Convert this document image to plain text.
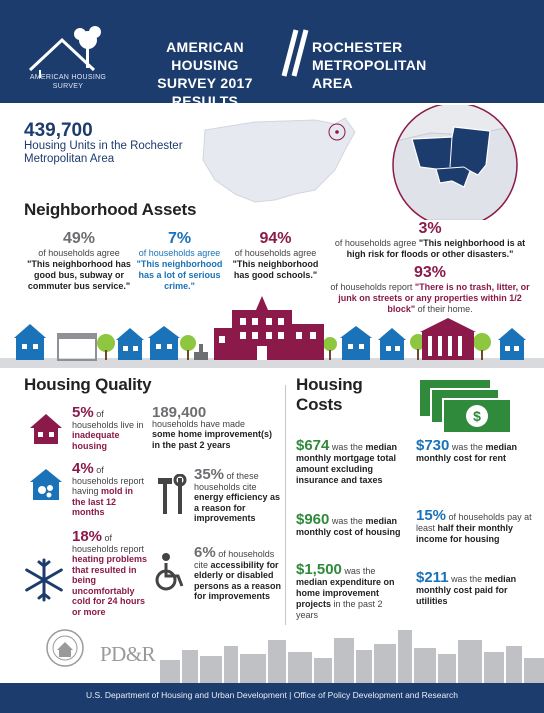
AMERICAN HOUSING
SURVEY
AMERICAN HOUSING
SURVEY 2017 RESULTS
ROCHESTER
METROPOLITAN AREA
439,700
Housing Units in the Rochester Metropolitan Area
Neighborhood Assets
49%
of households agree
"This neighborhood has good bus, subway or commuter bus service."
7%
of households agree
"This neighborhood has a lot of serious crime."
94%
of households agree
"This neighborhood has good schools."
3%
of households agree "This neighborhood is at high risk for floods or other disasters."
93%
of households report "There is no trash, litter, or junk on streets or any properties within 1/2 block" of their home.
Housing Quality
5% of households live in inadequate housing
4% of households report having mold in the last 12 months
18% of households report heating problems that resulted in being uncomfortably cold for 24 hours or more
189,400
households have made
some home improvement(s) in the past 2 years
35% of these households cite energy efficiency as a reason for improvements
6% of households cite accessibility for elderly or disabled persons as a reason for improvements
Housing
Costs
$
$674 was the median monthly mortgage total amount excluding insurance and taxes
$730 was the median monthly cost for rent
$960 was the median monthly cost of housing
15% of households pay at least half their monthly income for housing
$1,500 was the median expenditure on home improvement projects in the past 2 years
$211 was the median monthly cost paid for utilities
PD&R
U.S. Department of Housing and Urban Development | Office of Policy Development and Research
